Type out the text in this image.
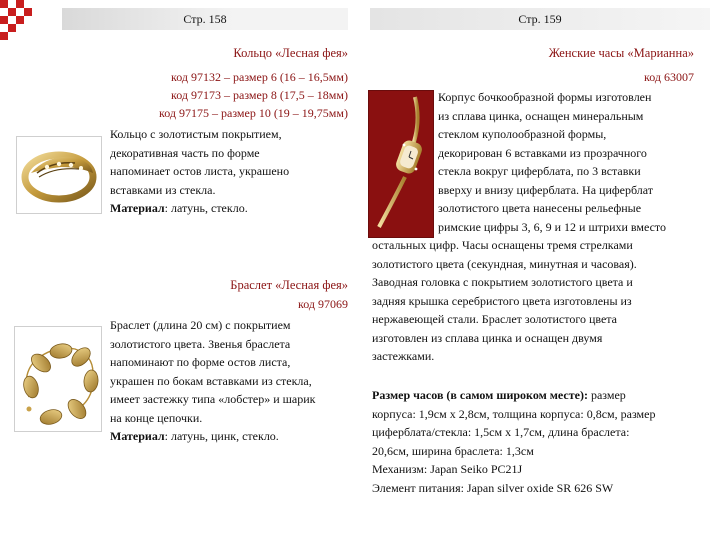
Стр. 158	Стр. 159
Кольцо «Лесная фея»
код 97132 – размер 6 (16 – 16,5мм)
код 97173 – размер 8 (17,5 – 18мм)
код 97175 – размер 10 (19 – 19,75мм)
Кольцо с золотистым покрытием,
декоративная часть по форме
напоминает остов листа, украшено
вставками из стекла.
Материал: латунь, стекло.
Браслет «Лесная фея»
код 97069
Браслет (длина 20 см) с покрытием
золотистого цвета. Звенья браслета
напоминают по форме остов листа,
украшен по бокам вставками из стекла,
имеет застежку типа «лобстер» и шарик
на конце цепочки.
Материал: латунь, цинк, стекло.
Женские часы «Марианна»
код 63007
Корпус бочкообразной формы изготовлен
из сплава цинка, оснащен минеральным
стеклом куполообразной формы,
декорирован 6 вставками из прозрачного
стекла вокруг циферблата, по 3 вставки
вверху и внизу циферблата. На циферблат
золотистого цвета нанесены рельефные
римские цифры 3, 6, 9 и 12 и штрихи вместо
остальных цифр. Часы оснащены тремя стрелками
золотистого цвета (секундная, минутная и часовая).
Заводная головка с покрытием золотистого цвета и
задняя крышка серебристого цвета изготовлены из
нержавеющей стали. Браслет золотистого цвета
изготовлен из сплава цинка и оснащен двумя
застежками.
Размер часов (в самом широком месте): размер
корпуса: 1,9см х 2,8см, толщина корпуса: 0,8см, размер
циферблата/стекла: 1,5см х 1,7см, длина браслета:
20,6см, ширина браслета: 1,3см
Механизм: Japan Seiko PC21J
Элемент питания: Japan silver oxide SR 626 SW
